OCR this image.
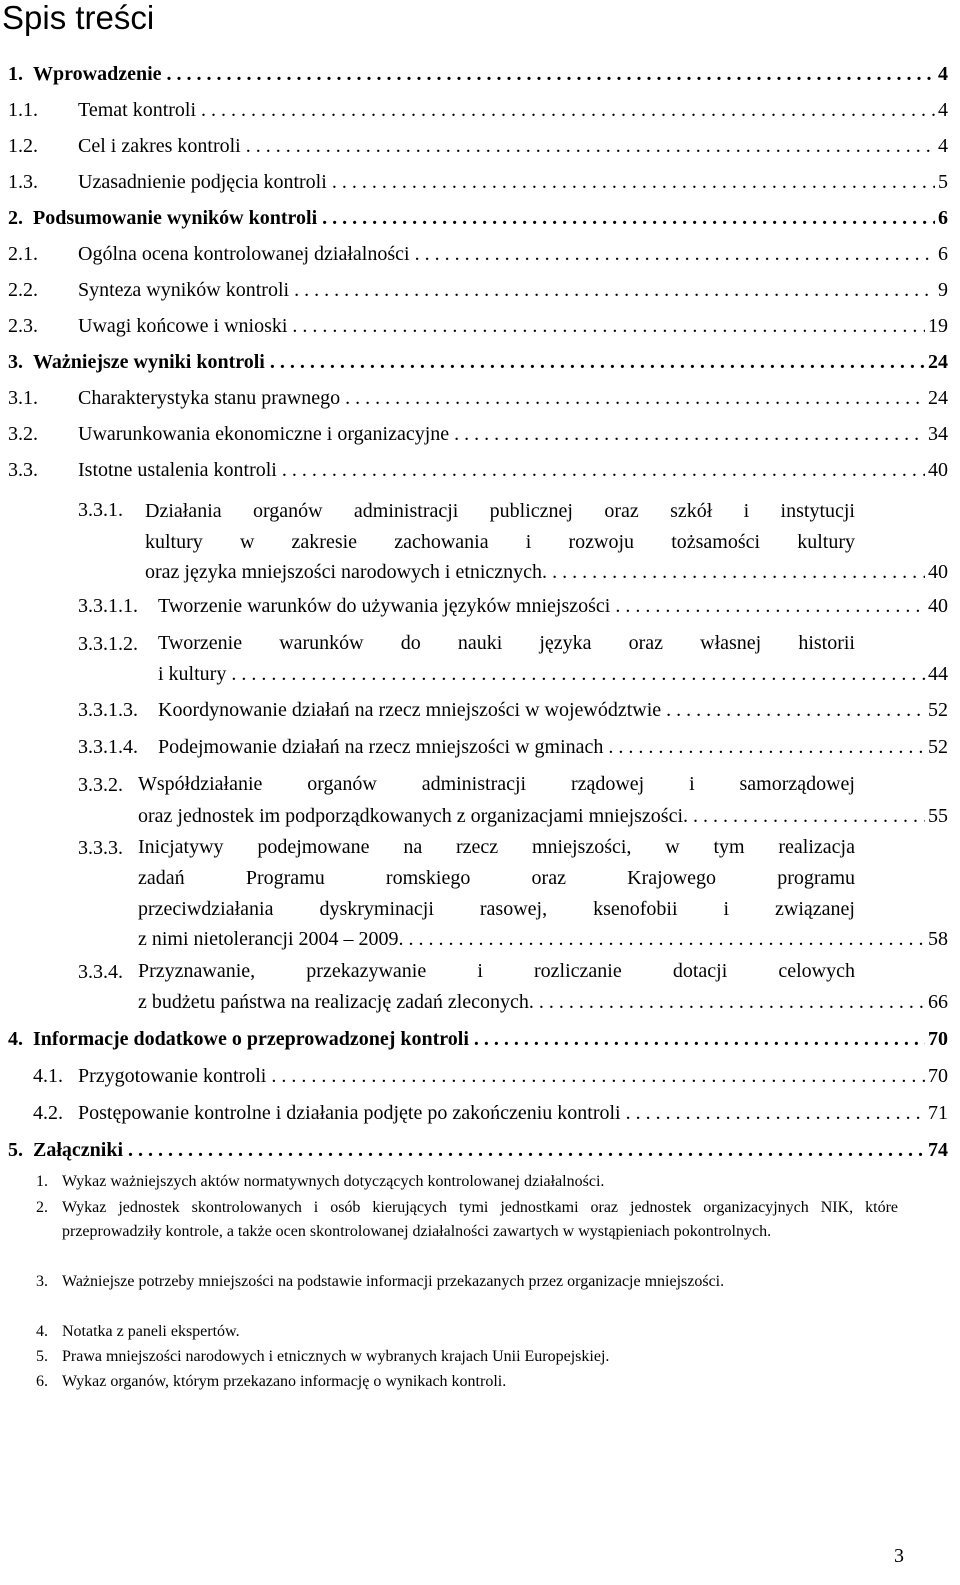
Spis treści
1. Wprowadzenie . . .	4
1.1. Temat kontroli . . .	4
1.2. Cel i zakres kontroli . . .	4
1.3. Uzasadnienie podjęcia kontroli . . .	5
2. Podsumowanie wyników kontroli . . .	6
2.1. Ogólna ocena kontrolowanej działalności . . .	6
2.2. Synteza wyników kontroli . . .	9
2.3. Uwagi końcowe i wnioski . . .	19
3. Ważniejsze wyniki kontroli . . .	24
3.1. Charakterystyka stanu prawnego . . .	24
3.2. Uwarunkowania ekonomiczne i organizacyjne . . .	34
3.3. Istotne ustalenia kontroli . . .	40
3.3.1. Działania organów administracji publicznej oraz szkół i instytucji
kultury w zakresie zachowania i rozwoju tożsamości kultury
oraz języka mniejszości narodowych i etnicznych. . . .	40
3.3.1.1. Tworzenie warunków do używania języków mniejszości . . .	40
3.3.1.2. Tworzenie warunków do nauki języka oraz własnej historii
i kultury . . .	44
3.3.1.3. Koordynowanie działań na rzecz mniejszości w województwie . . .	52
3.3.1.4. Podejmowanie działań na rzecz mniejszości w gminach . . .	52
3.3.2. Współdziałanie organów administracji rządowej i samorządowej
oraz jednostek im podporządkowanych z organizacjami mniejszości. . . .	55
3.3.3. Inicjatywy podejmowane na rzecz mniejszości, w tym realizacja
zadań Programu romskiego oraz Krajowego programu
przeciwdziałania dyskryminacji rasowej, ksenofobii i związanej
z nimi nietolerancji 2004 – 2009. . . .	58
3.3.4. Przyznawanie, przekazywanie i rozliczanie dotacji celowych
z budżetu państwa na realizację zadań zleconych. . . .	66
4. Informacje dodatkowe o przeprowadzonej kontroli . . .	70
4.1. Przygotowanie kontroli . . .	70
4.2. Postępowanie kontrolne i działania podjęte po zakończeniu kontroli . . .	71
5. Załączniki . . .	74
1. Wykaz ważniejszych aktów normatywnych dotyczących kontrolowanej działalności.
2. Wykaz jednostek skontrolowanych i osób kierujących tymi jednostkami oraz jednostek organizacyjnych NIK, które przeprowadziły kontrole, a także ocen skontrolowanej działalności zawartych w wystąpieniach pokontrolnych.
3. Ważniejsze potrzeby mniejszości na podstawie informacji przekazanych przez organizacje mniejszości.
4. Notatka z paneli ekspertów.
5. Prawa mniejszości narodowych i etnicznych w wybranych krajach Unii Europejskiej.
6. Wykaz organów, którym przekazano informację o wynikach kontroli.
3
